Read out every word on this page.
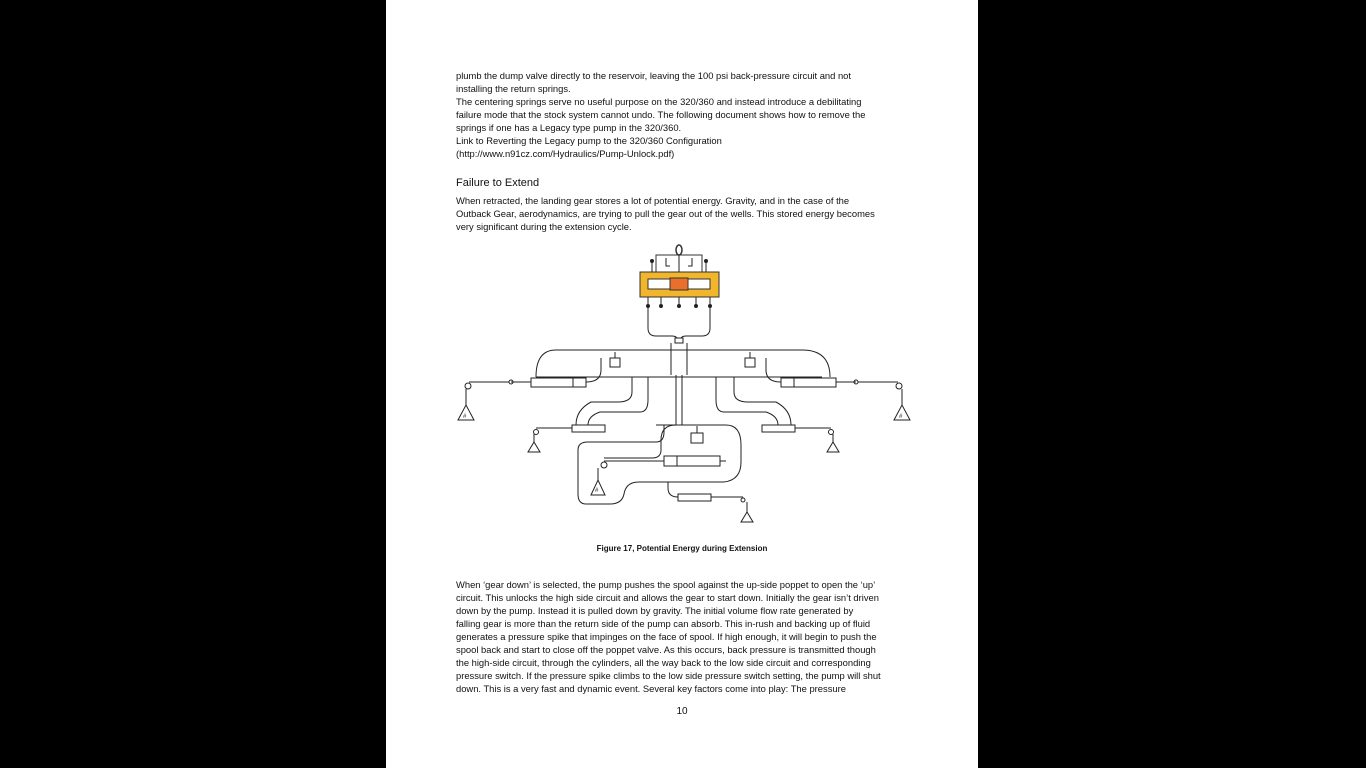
plumb the dump valve directly to the reservoir, leaving the 100 psi back-pressure circuit and not
installing the return springs.
The centering springs serve no useful purpose on the 320/360 and instead introduce a debilitating
failure mode that the stock system cannot undo. The following document shows how to remove the
springs if one has a Legacy type pump in the 320/360.
Link to Reverting the Legacy pump to the 320/360 Configuration
(http://www.n91cz.com/Hydraulics/Pump-Unlock.pdf)
Failure to Extend
When retracted, the landing gear stores a lot of potential energy. Gravity, and in the case of the
Outback Gear, aerodynamics, are trying to pull the gear out of the wells. This stored energy becomes
very significant during the extension cycle.
#	#
#
Figure 17, Potential Energy during Extension
When ‘gear down’ is selected, the pump pushes the spool against the up-side poppet to open the ‘up’
circuit. This unlocks the high side circuit and allows the gear to start down. Initially the gear isn’t driven
down by the pump. Instead it is pulled down by gravity. The initial volume flow rate generated by
falling gear is more than the return side of the pump can absorb. This in-rush and backing up of fluid
generates a pressure spike that impinges on the face of spool. If high enough, it will begin to push the
spool back and start to close off the poppet valve. As this occurs, back pressure is transmitted though
the high-side circuit, through the cylinders, all the way back to the low side circuit and corresponding
pressure switch. If the pressure spike climbs to the low side pressure switch setting, the pump will shut
down. This is a very fast and dynamic event. Several key factors come into play: The pressure
10
